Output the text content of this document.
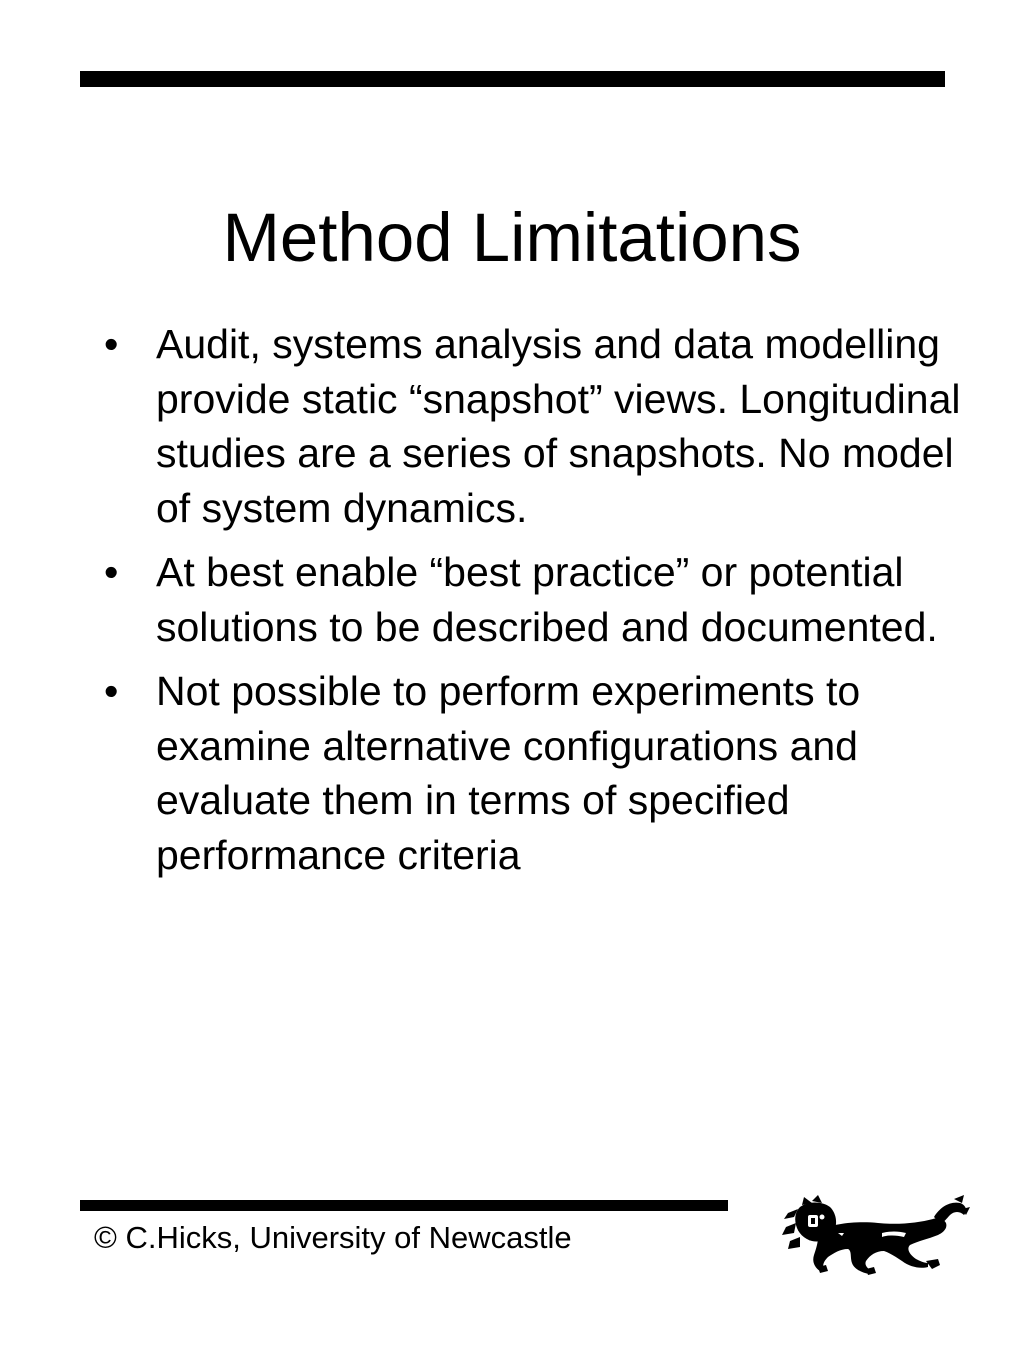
Method Limitations
• Audit, systems analysis and data modelling provide static “snapshot” views. Longitudinal studies are a series of snapshots. No model of system dynamics.
• At best enable “best practice” or potential solutions to be described and documented.
• Not possible to perform experiments to examine alternative configurations and evaluate them in terms of specified performance criteria
© C.Hicks, University of Newcastle
